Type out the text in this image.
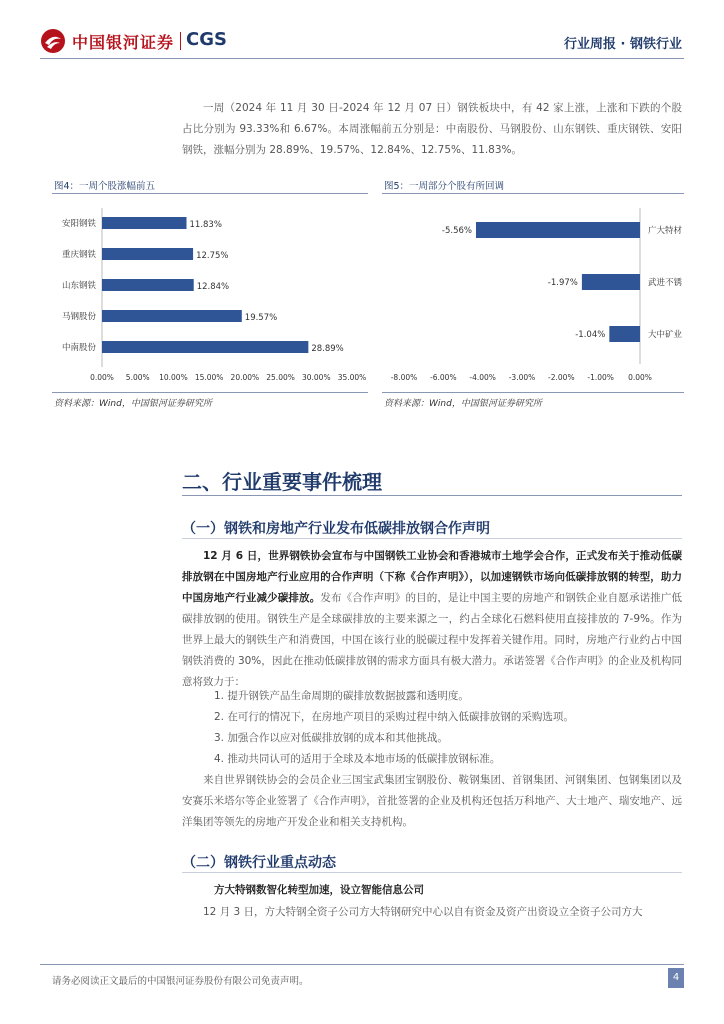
中国银河证券 CGS	行业周报 · 钢铁行业
一周（2024 年 11 月 30 日-2024 年 12 月 07 日）钢铁板块中，有 42 家上涨，上涨和下跌的个股占比分别为 93.33%和 6.67%。本周涨幅前五分别是：中南股份、马钢股份、山东钢铁、重庆钢铁、安阳钢铁，涨幅分别为 28.89%、19.57%、12.84%、12.75%、11.83%。
图4：一周个股涨幅前五
安阳钢铁	11.83%
重庆钢铁	12.75%
山东钢铁	12.84%
马钢股份	19.57%
中南股份	28.89%
0.00% 5.00% 10.00% 15.00% 20.00% 25.00% 30.00% 35.00%
资料来源：Wind，中国银河证券研究所
图5：一周部分个股有所回调
-5.56%	广大特材
-1.97%	武进不锈
-1.04%	大中矿业
-8.00% -6.00% -4.00% -3.00% -2.00% -1.00% 0.00%
资料来源：Wind，中国银河证券研究所
二、行业重要事件梳理
（一）钢铁和房地产行业发布低碳排放钢合作声明
12 月 6 日，世界钢铁协会宣布与中国钢铁工业协会和香港城市土地学会合作，正式发布关于推动低碳排放钢在中国房地产行业应用的合作声明（下称《合作声明》），以加速钢铁市场向低碳排放钢的转型，助力中国房地产行业减少碳排放。发布《合作声明》的目的，是让中国主要的房地产和钢铁企业自愿承诺推广低碳排放钢的使用。钢铁生产是全球碳排放的主要来源之一，约占全球化石燃料使用直接排放的 7-9%。作为世界上最大的钢铁生产和消费国，中国在该行业的脱碳过程中发挥着关键作用。同时，房地产行业约占中国钢铁消费的 30%，因此在推动低碳排放钢的需求方面具有极大潜力。承诺签署《合作声明》的企业及机构同意将致力于：
1. 提升钢铁产品生命周期的碳排放数据披露和透明度。
2. 在可行的情况下，在房地产项目的采购过程中纳入低碳排放钢的采购选项。
3. 加强合作以应对低碳排放钢的成本和其他挑战。
4. 推动共同认可的适用于全球及本地市场的低碳排放钢标准。
来自世界钢铁协会的会员企业三国宝武集团宝钢股份、鞍钢集团、首钢集团、河钢集团、包钢集团以及安赛乐米塔尔等企业签署了《合作声明》，首批签署的企业及机构还包括万科地产、大士地产、瑞安地产、远洋集团等领先的房地产开发企业和相关支持机构。
（二）钢铁行业重点动态
方大特钢数智化转型加速，设立智能信息公司
12 月 3 日，方大特钢全资子公司方大特钢研究中心以自有资金及资产出资设立全资子公司方大
请务必阅读正文最后的中国银河证券股份有限公司免责声明。	4
